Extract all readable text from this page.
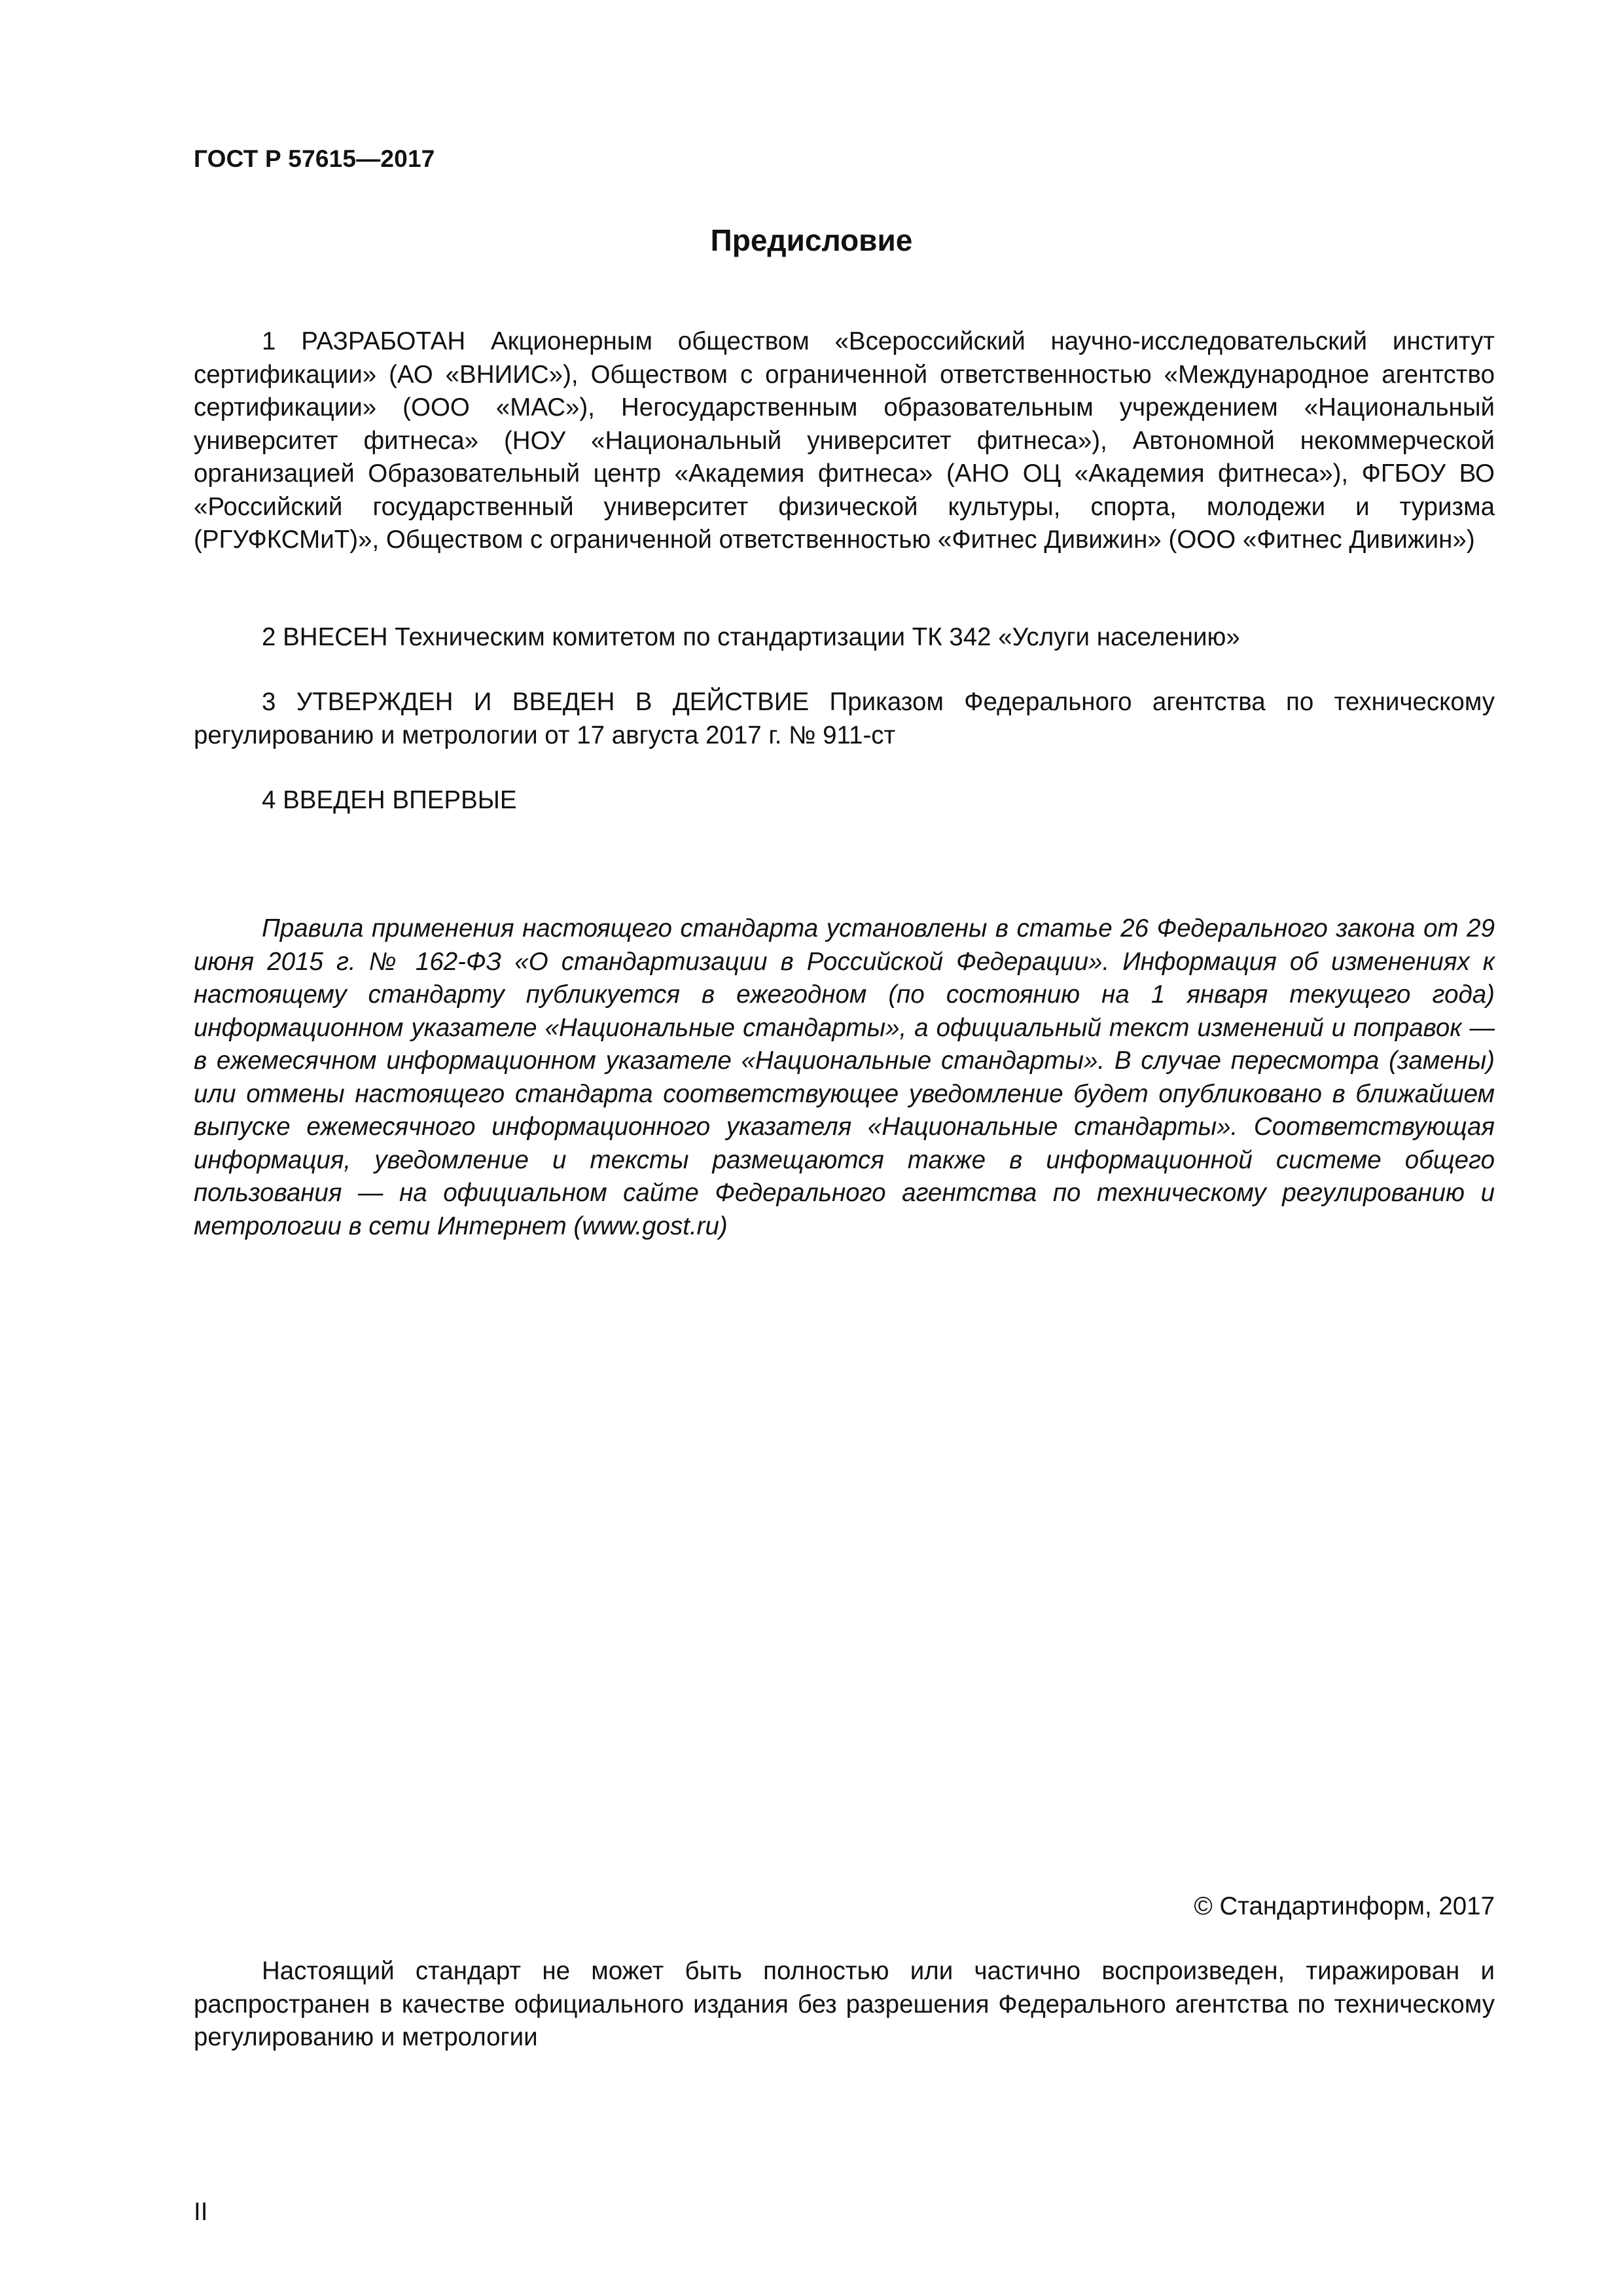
ГОСТ Р 57615—2017
Предисловие

1 РАЗРАБОТАН Акционерным обществом «Всероссийский научно-исследовательский институт сертификации» (АО «ВНИИС»), Обществом с ограниченной ответственностью «Международное агентство сертификации» (ООО «МАС»), Негосударственным образовательным учреждением «Национальный университет фитнеса» (НОУ «Национальный университет фитнеса»), Автономной некоммерческой организацией Образовательный центр «Академия фитнеса» (АНО ОЦ «Академия фитнеса»), ФГБОУ ВО «Российский государственный университет физической культуры, спорта, молодежи и туризма (РГУФКСМиТ)», Обществом с ограниченной ответственностью «Фитнес Дивижин» (ООО «Фитнес Дивижин»)

2 ВНЕСЕН Техническим комитетом по стандартизации ТК 342 «Услуги населению»

3 УТВЕРЖДЕН И ВВЕДЕН В ДЕЙСТВИЕ Приказом Федерального агентства по техническому регулированию и метрологии от 17 августа 2017 г. № 911-ст

4 ВВЕДЕН ВПЕРВЫЕ

Правила применения настоящего стандарта установлены в статье 26 Федерального закона от 29 июня 2015 г. № 162-ФЗ «О стандартизации в Российской Федерации». Информация об изменениях к настоящему стандарту публикуется в ежегодном (по состоянию на 1 января текущего года) информационном указателе «Национальные стандарты», а официальный текст изменений и поправок — в ежемесячном информационном указателе «Национальные стандарты». В случае пересмотра (замены) или отмены настоящего стандарта соответствующее уведомление будет опубликовано в ближайшем выпуске ежемесячного информационного указателя «Национальные стандарты». Соответствующая информация, уведомление и тексты размещаются также в информационной системе общего пользования — на официальном сайте Федерального агентства по техническому регулированию и метрологии в сети Интернет (www.gost.ru)

© Стандартинформ, 2017

Настоящий стандарт не может быть полностью или частично воспроизведен, тиражирован и распространен в качестве официального издания без разрешения Федерального агентства по техническому регулированию и метрологии

II
